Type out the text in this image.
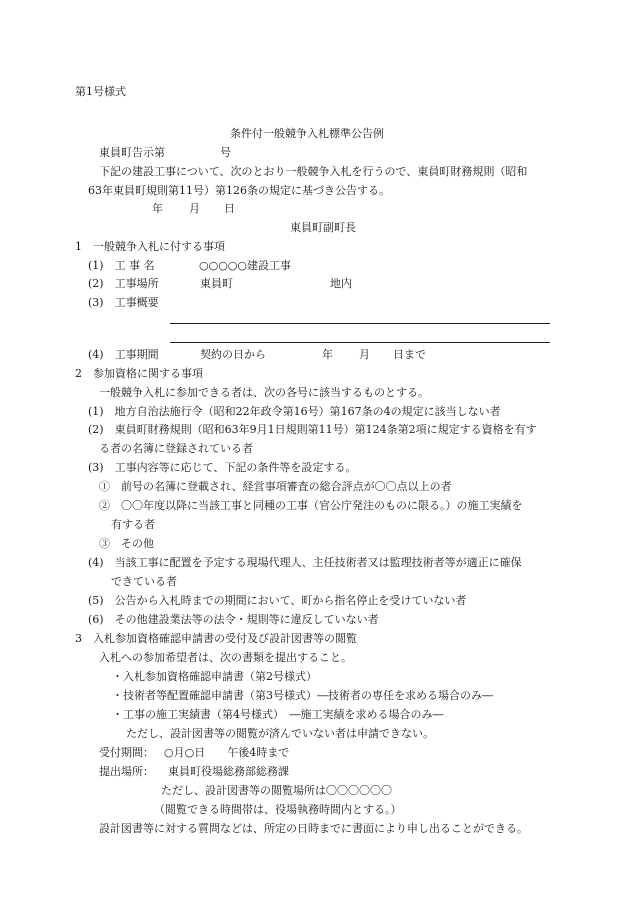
第1号様式
条件付一般競争入札標準公告例
東員町告示第	号
下記の建設工事について、次のとおり一般競争入札を行うので、東員町財務規則（昭和
63年東員町規則第11号）第126条の規定に基づき公告する。
年 月 日
東員町副町長
1　一般競争入札に付する事項
(1)　工 事 名	○○○○○建設工事
(2)　工事場所	東員町	地内
(3)　工事概要
(4)　工事期間	契約の日から	年 月 日まで
2　参加資格に関する事項
一般競争入札に参加できる者は、次の各号に該当するものとする。
(1)　地方自治法施行令（昭和22年政令第16号）第167条の4の規定に該当しない者
(2)　東員町財務規則（昭和63年9月1日規則第11号）第124条第2項に規定する資格を有す
る者の名簿に登録されている者
(3)　工事内容等に応じて、下記の条件等を設定する。
①　前号の名簿に登載され、経営事項審査の総合評点が〇〇点以上の者
②　〇〇年度以降に当該工事と同種の工事（官公庁発注のものに限る。）の施工実績を
有する者
③　その他
(4)　当該工事に配置を予定する現場代理人、主任技術者又は監理技術者等が適正に確保
できている者
(5)　公告から入札時までの期間において、町から指名停止を受けていない者
(6)　その他建設業法等の法令・規則等に違反していない者
3　入札参加資格確認申請書の受付及び設計図書等の閲覧
入札への参加希望者は、次の書類を提出すること。
・入札参加資格確認申請書（第2号様式）
・技術者等配置確認申請書（第3号様式）―技術者の専任を求める場合のみ―
・工事の施工実績書（第4号様式）　―施工実績を求める場合のみ―
ただし、設計図書等の閲覧が済んでいない者は申請できない。
受付期間： ○月○日　　午後4時まで
提出場所： 東員町役場総務部総務課
ただし、設計図書等の閲覧場所は〇〇〇〇〇〇
（閲覧できる時間帯は、役場執務時間内とする。）
設計図書等に対する質問などは、所定の日時までに書面により申し出ることができる。
